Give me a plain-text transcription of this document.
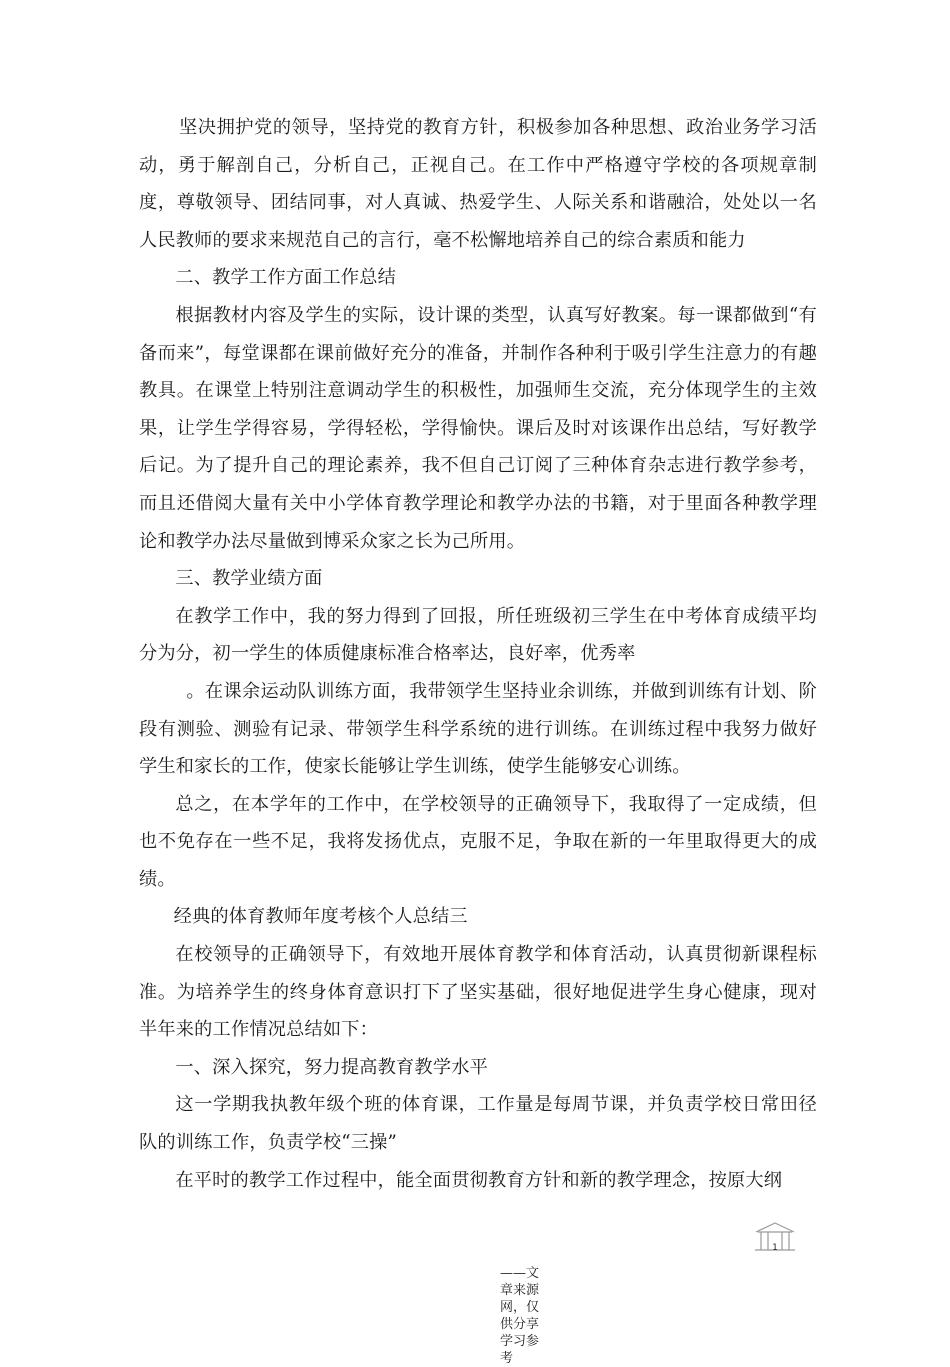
坚决拥护党的领导，坚持党的教育方针，积极参加各种思想、政治业务学习活动，勇于解剖自己，分析自己，正视自己。在工作中严格遵守学校的各项规章制度，尊敬领导、团结同事，对人真诚、热爱学生、人际关系和谐融洽，处处以一名人民教师的要求来规范自己的言行，毫不松懈地培养自己的综合素质和能力

二、教学工作方面工作总结

根据教材内容及学生的实际，设计课的类型，认真写好教案。每一课都做到“有备而来”，每堂课都在课前做好充分的准备，并制作各种利于吸引学生注意力的有趣教具。在课堂上特别注意调动学生的积极性，加强师生交流，充分体现学生的主效果，让学生学得容易，学得轻松，学得愉快。课后及时对该课作出总结，写好教学后记。为了提升自己的理论素养，我不但自己订阅了三种体育杂志进行教学参考，而且还借阅大量有关中小学体育教学理论和教学办法的书籍，对于里面各种教学理论和教学办法尽量做到博采众家之长为己所用。

三、教学业绩方面

在教学工作中，我的努力得到了回报，所任班级初三学生在中考体育成绩平均分为分，初一学生的体质健康标准合格率达，良好率，优秀率

。在课余运动队训练方面，我带领学生坚持业余训练，并做到训练有计划、阶段有测验、测验有记录、带领学生科学系统的进行训练。在训练过程中我努力做好学生和家长的工作，使家长能够让学生训练，使学生能够安心训练。

总之，在本学年的工作中，在学校领导的正确领导下，我取得了一定成绩，但也不免存在一些不足，我将发扬优点，克服不足，争取在新的一年里取得更大的成绩。

经典的体育教师年度考核个人总结三

在校领导的正确领导下，有效地开展体育教学和体育活动，认真贯彻新课程标准。为培养学生的终身体育意识打下了坚实基础，很好地促进学生身心健康，现对半年来的工作情况总结如下：

一、深入探究，努力提高教育教学水平

这一学期我执教年级个班的体育课，工作量是每周节课，并负责学校日常田径队的训练工作，负责学校“三操”

在平时的教学工作过程中，能全面贯彻教育方针和新的教学理念，按原大纲

1
——文章来源网，仅供分享学习参考
